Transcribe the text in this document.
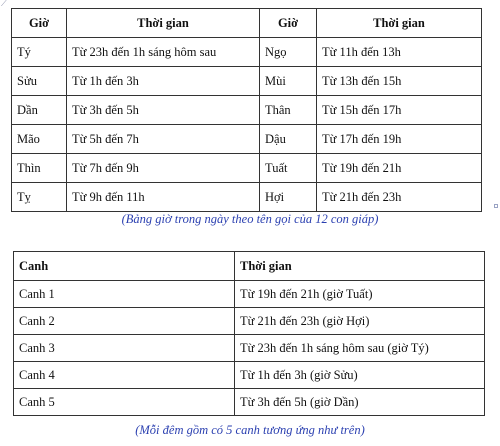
⟋
Giờ	Thời gian	Giờ	Thời gian
Tý	Từ 23h đến 1h sáng hôm sau	Ngọ	Từ 11h đến 13h
Sửu	Từ 1h đến 3h	Mùi	Từ 13h đến 15h
Dần	Từ 3h đến 5h	Thân	Từ 15h đến 17h
Mão	Từ 5h đến 7h	Dậu	Từ 17h đến 19h
Thìn	Từ 7h đến 9h	Tuất	Từ 19h đến 21h
Tỵ	Từ 9h đến 11h	Hợi	Từ 21h đến 23h
(Bảng giờ trong ngày theo tên gọi của 12 con giáp)
Canh	Thời gian
Canh 1	Từ 19h đến 21h (giờ Tuất)
Canh 2	Từ 21h đến 23h (giờ Hợi)
Canh 3	Từ 23h đến 1h sáng hôm sau (giờ Tý)
Canh 4	Từ 1h đến 3h (giờ Sửu)
Canh 5	Từ 3h đến 5h (giờ Dần)
(Mỗi đêm gồm có 5 canh tương ứng như trên)
